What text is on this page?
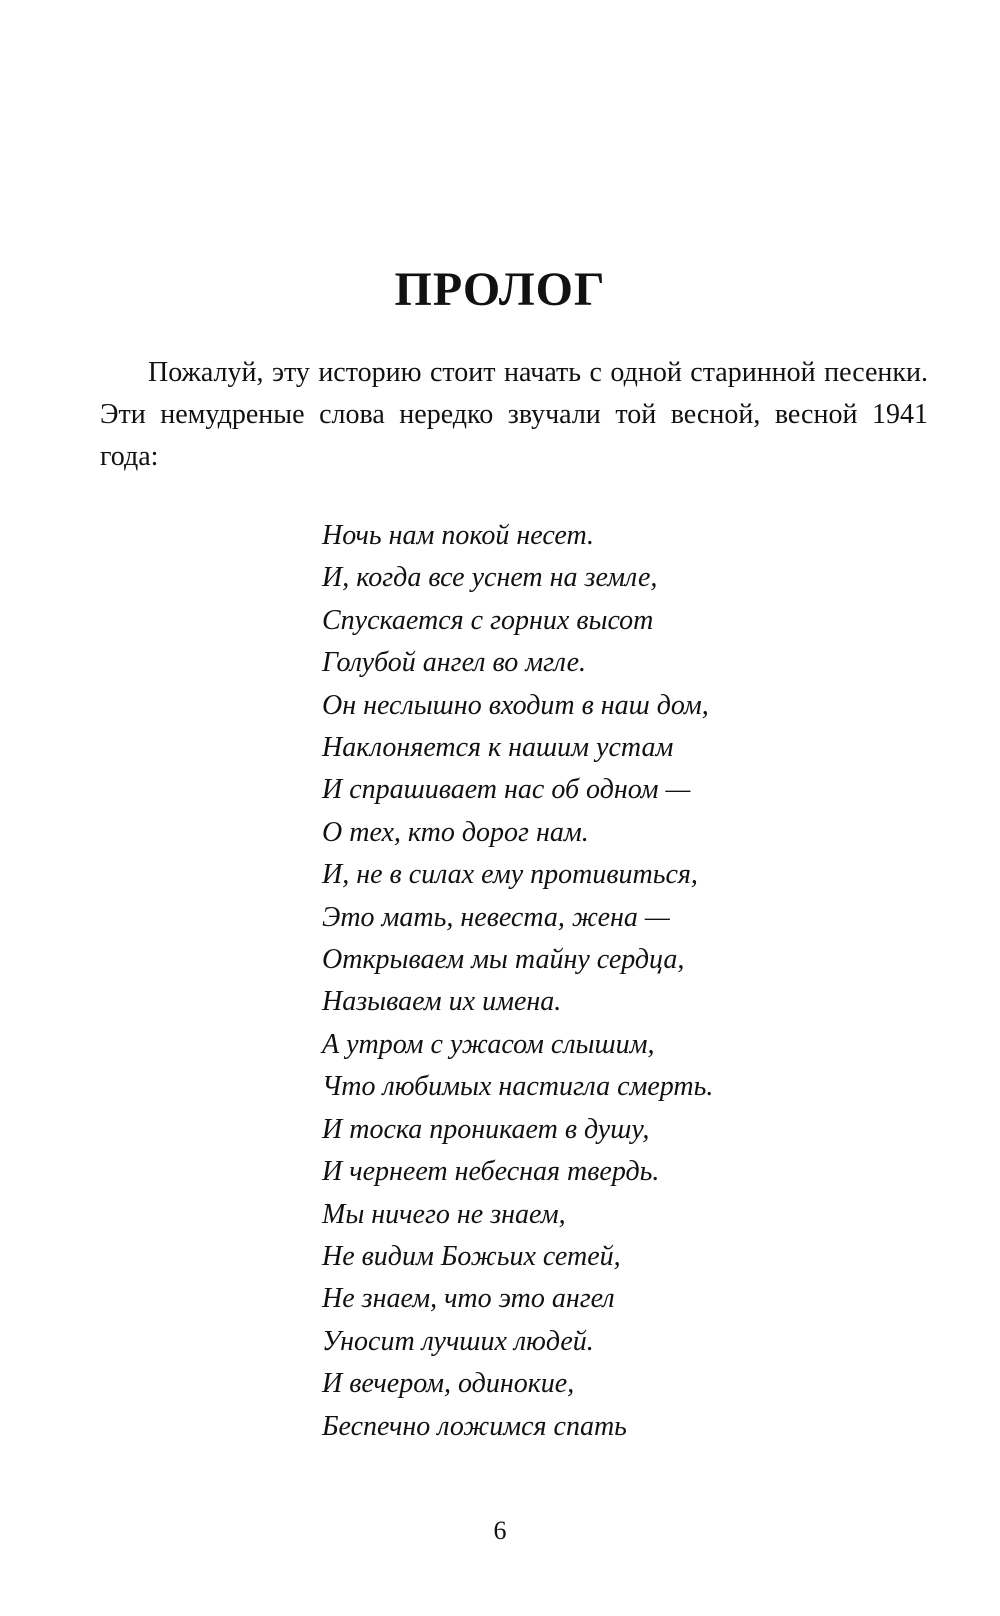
ПРОЛОГ

Пожалуй, эту историю стоит начать с одной старинной песенки. Эти немудреные слова нередко звучали той весной, весной 1941 года:

Ночь нам покой несет.
И, когда все уснет на земле,
Спускается с горних высот
Голубой ангел во мгле.
Он неслышно входит в наш дом,
Наклоняется к нашим устам
И спрашивает нас об одном —
О тех, кто дорог нам.
И, не в силах ему противиться,
Это мать, невеста, жена —
Открываем мы тайну сердца,
Называем их имена.
А утром с ужасом слышим,
Что любимых настигла смерть.
И тоска проникает в душу,
И чернеет небесная твердь.
Мы ничего не знаем,
Не видим Божьих сетей,
Не знаем, что это ангел
Уносит лучших людей.
И вечером, одинокие,
Беспечно ложимся спать
6
